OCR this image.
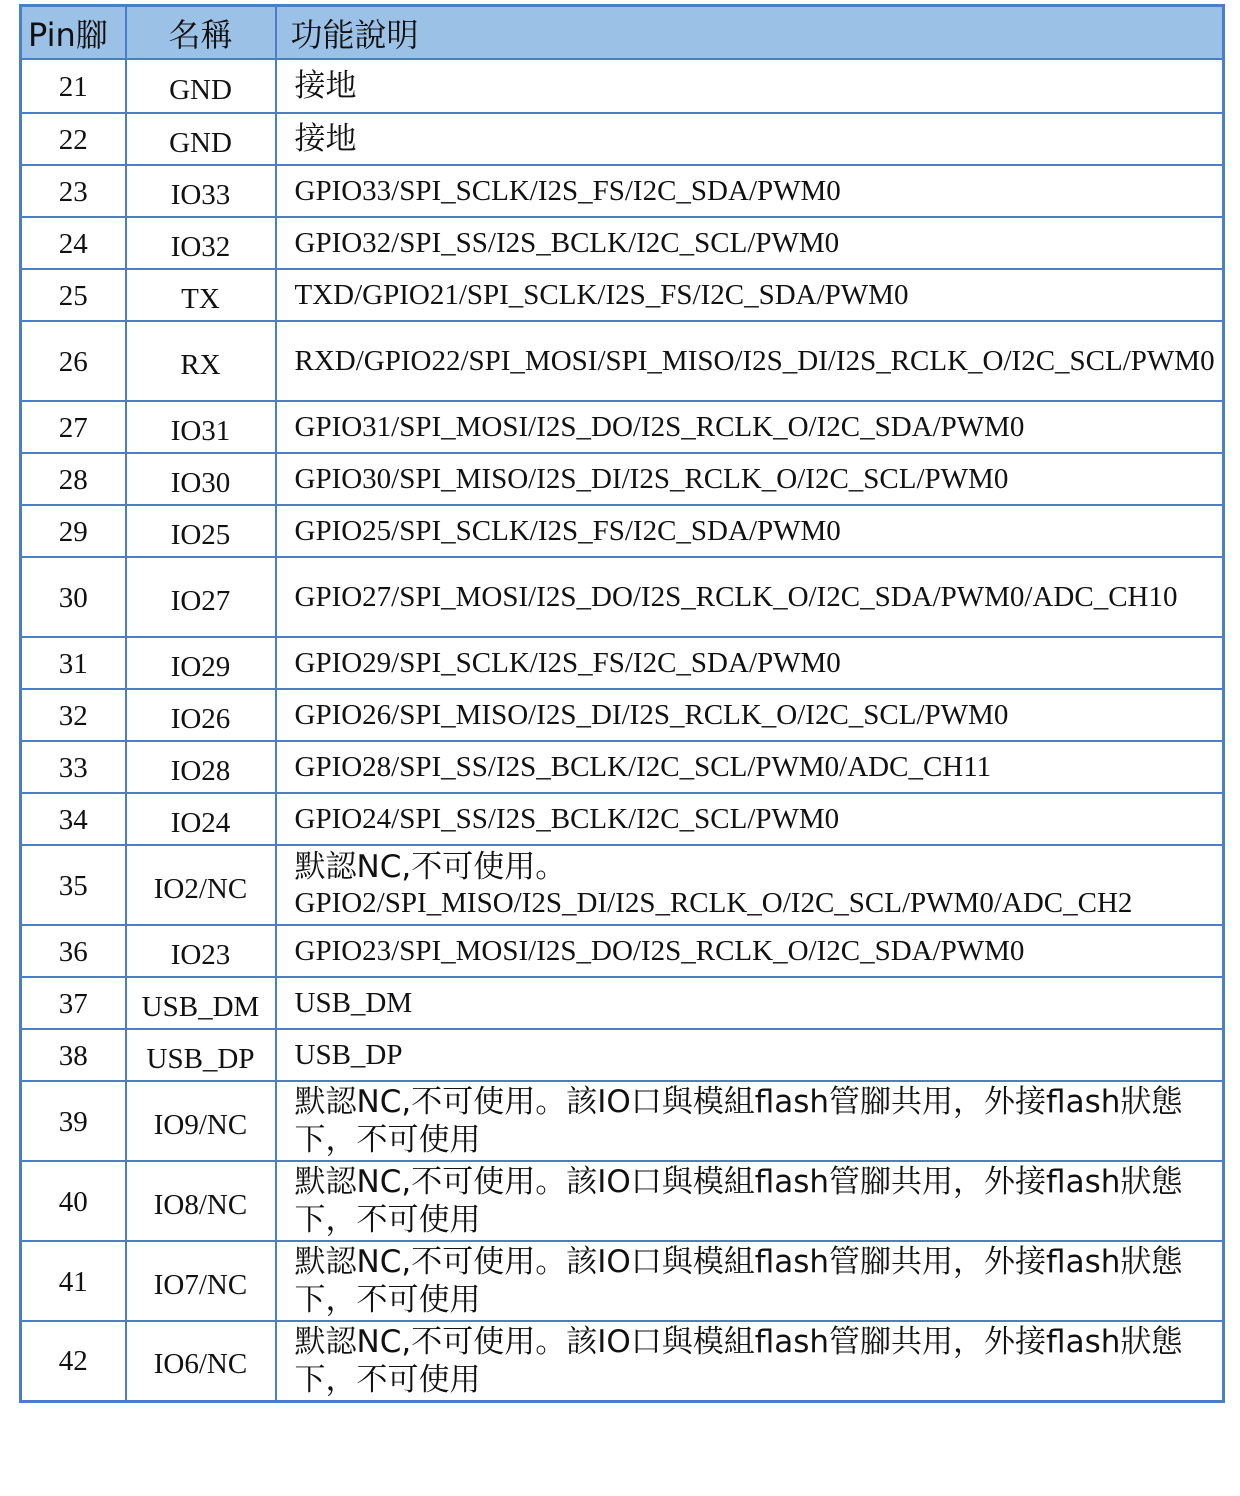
Pin腳	名稱	功能說明
21	GND	接地
22	GND	接地
23	IO33	GPIO33/SPI_SCLK/I2S_FS/I2C_SDA/PWM0
24	IO32	GPIO32/SPI_SS/I2S_BCLK/I2C_SCL/PWM0
25	TX	TXD/GPIO21/SPI_SCLK/I2S_FS/I2C_SDA/PWM0
26	RX	RXD/GPIO22/SPI_MOSI/SPI_MISO/I2S_DI/I2S_RCLK_O/I2C_SCL/PWM0
27	IO31	GPIO31/SPI_MOSI/I2S_DO/I2S_RCLK_O/I2C_SDA/PWM0
28	IO30	GPIO30/SPI_MISO/I2S_DI/I2S_RCLK_O/I2C_SCL/PWM0
29	IO25	GPIO25/SPI_SCLK/I2S_FS/I2C_SDA/PWM0
30	IO27	GPIO27/SPI_MOSI/I2S_DO/I2S_RCLK_O/I2C_SDA/PWM0/ADC_CH10
31	IO29	GPIO29/SPI_SCLK/I2S_FS/I2C_SDA/PWM0
32	IO26	GPIO26/SPI_MISO/I2S_DI/I2S_RCLK_O/I2C_SCL/PWM0
33	IO28	GPIO28/SPI_SS/I2S_BCLK/I2C_SCL/PWM0/ADC_CH11
34	IO24	GPIO24/SPI_SS/I2S_BCLK/I2C_SCL/PWM0
35	IO2/NC	默認NC,不可使用。
GPIO2/SPI_MISO/I2S_DI/I2S_RCLK_O/I2C_SCL/PWM0/ADC_CH2

36	IO23	GPIO23/SPI_MOSI/I2S_DO/I2S_RCLK_O/I2C_SDA/PWM0
37	USB_DM	USB_DM
38	USB_DP	USB_DP
39	IO9/NC	默認NC,不可使用。該IO口與模組flash管腳共用，外接flash狀態下，不可使用
40	IO8/NC	默認NC,不可使用。該IO口與模組flash管腳共用，外接flash狀態下，不可使用
41	IO7/NC	默認NC,不可使用。該IO口與模組flash管腳共用，外接flash狀態下，不可使用
42	IO6/NC	默認NC,不可使用。該IO口與模組flash管腳共用，外接flash狀態下，不可使用
